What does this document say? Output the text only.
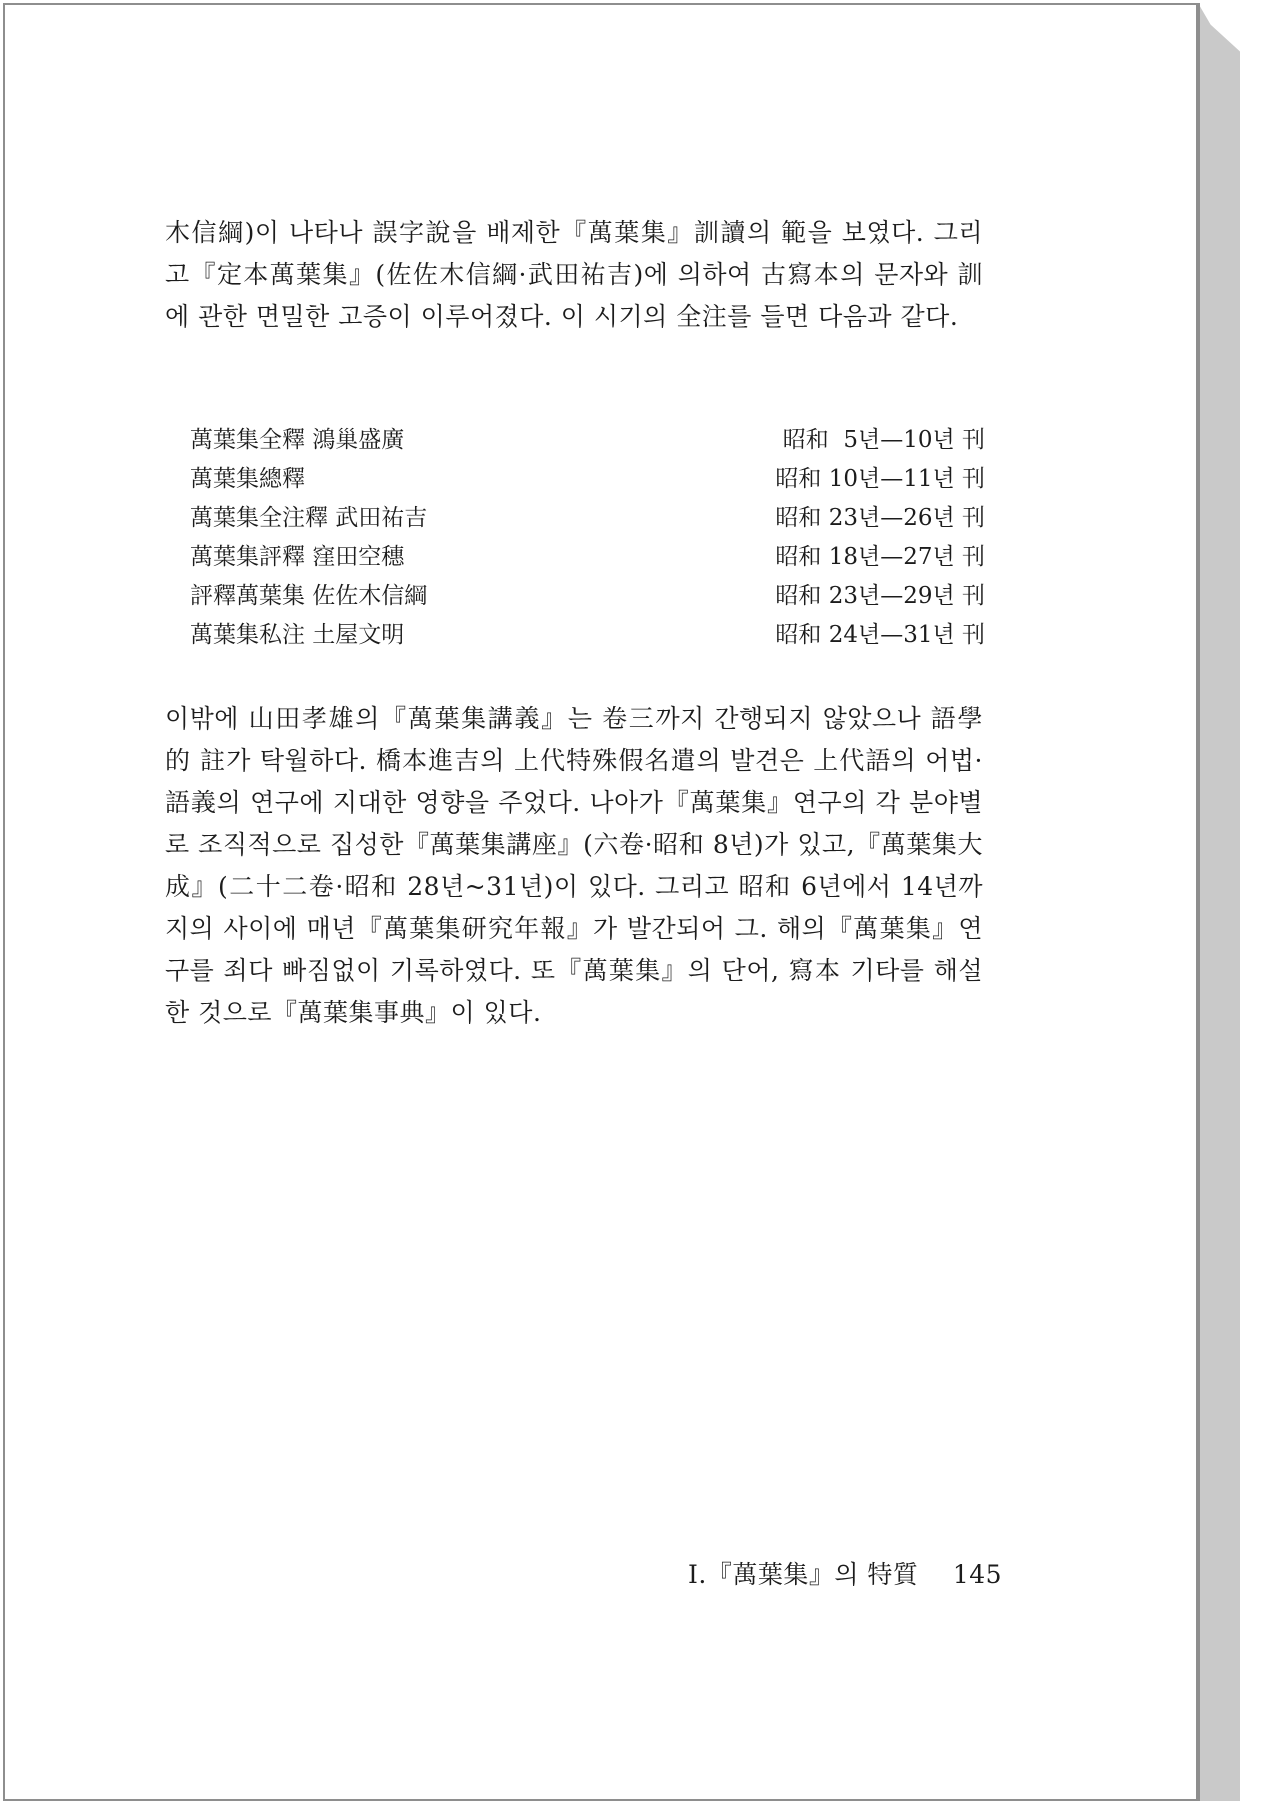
木信綱)이 나타나 誤字說을 배제한『萬葉集』訓讀의 範을 보였다. 그리고『定本萬葉集』(佐佐木信綱·武田祐吉)에 의하여 古寫本의 문자와 訓에 관한 면밀한 고증이 이루어졌다. 이 시기의 全注를 들면 다음과 같다.

萬葉集全釋 鴻巢盛廣	昭和  5년—10년 刊
萬葉集總釋	昭和 10년—11년 刊
萬葉集全注釋 武田祐吉	昭和 23년—26년 刊
萬葉集評釋 窪田空穗	昭和 18년—27년 刊
評釋萬葉集 佐佐木信綱	昭和 23년—29년 刊
萬葉集私注 土屋文明	昭和 24년—31년 刊

이밖에 山田孝雄의『萬葉集講義』는 卷三까지 간행되지 않았으나 語學的 註가 탁월하다. 橋本進吉의 上代特殊假名遣의 발견은 上代語의 어법·語義의 연구에 지대한 영향을 주었다. 나아가『萬葉集』연구의 각 분야별로 조직적으로 집성한『萬葉集講座』(六卷·昭和 8년)가 있고,『萬葉集大成』(二十二卷·昭和 28년~31년)이 있다. 그리고 昭和 6년에서 14년까지의 사이에 매년『萬葉集研究年報』가 발간되어 그. 해의『萬葉集』연구를 죄다 빠짐없이 기록하였다. 또『萬葉集』의 단어, 寫本 기타를 해설한 것으로『萬葉集事典』이 있다.

I.『萬葉集』의 特質 145
